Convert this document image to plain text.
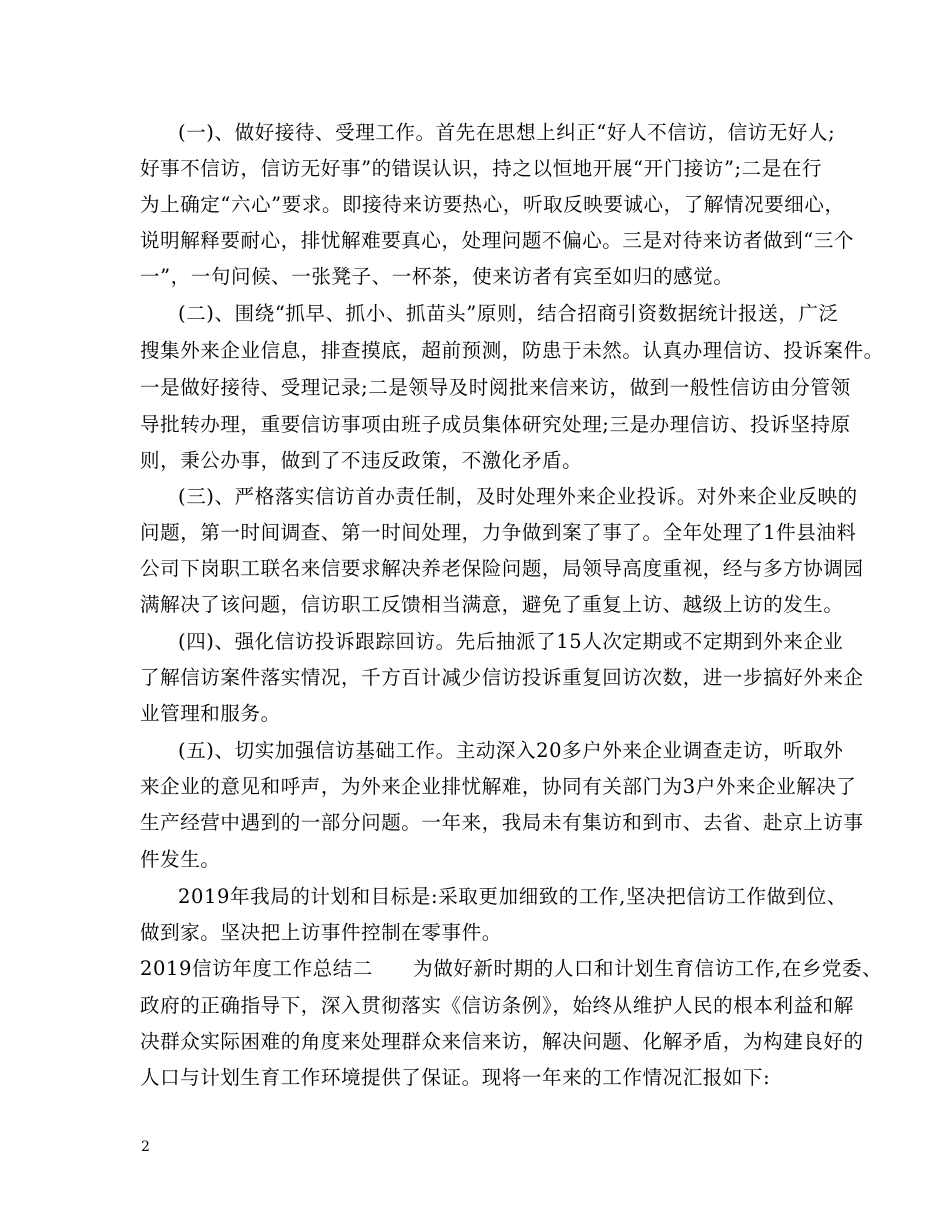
(一)、做好接待、受理工作。首先在思想上纠正“好人不信访，信访无好人;
好事不信访，信访无好事”的错误认识，持之以恒地开展“开门接访”;二是在行
为上确定“六心”要求。即接待来访要热心，听取反映要诚心，了解情况要细心，
说明解释要耐心，排忧解难要真心，处理问题不偏心。三是对待来访者做到“三个
一”，一句问候、一张凳子、一杯茶，使来访者有宾至如归的感觉。
(二)、围绕“抓早、抓小、抓苗头”原则，结合招商引资数据统计报送，广泛
搜集外来企业信息，排查摸底，超前预测，防患于未然。认真办理信访、投诉案件。
一是做好接待、受理记录;二是领导及时阅批来信来访，做到一般性信访由分管领
导批转办理，重要信访事项由班子成员集体研究处理;三是办理信访、投诉坚持原
则，秉公办事，做到了不违反政策，不激化矛盾。
(三)、严格落实信访首办责任制，及时处理外来企业投诉。对外来企业反映的
问题，第一时间调查、第一时间处理，力争做到案了事了。全年处理了1件县油料
公司下岗职工联名来信要求解决养老保险问题，局领导高度重视，经与多方协调园
满解决了该问题，信访职工反馈相当满意，避免了重复上访、越级上访的发生。
(四)、强化信访投诉跟踪回访。先后抽派了15人次定期或不定期到外来企业
了解信访案件落实情况，千方百计减少信访投诉重复回访次数，进一步搞好外来企
业管理和服务。
(五)、切实加强信访基础工作。主动深入20多户外来企业调查走访，听取外
来企业的意见和呼声，为外来企业排忧解难，协同有关部门为3户外来企业解决了
生产经营中遇到的一部分问题。一年来，我局未有集访和到市、去省、赴京上访事
件发生。
2019年我局的计划和目标是:采取更加细致的工作,坚决把信访工作做到位、
做到家。坚决把上访事件控制在零事件。
2019信访年度工作总结二　　为做好新时期的人口和计划生育信访工作,在乡党委、
政府的正确指导下，深入贯彻落实《信访条例》，始终从维护人民的根本利益和解
决群众实际困难的角度来处理群众来信来访，解决问题、化解矛盾，为构建良好的
人口与计划生育工作环境提供了保证。现将一年来的工作情况汇报如下:
2
